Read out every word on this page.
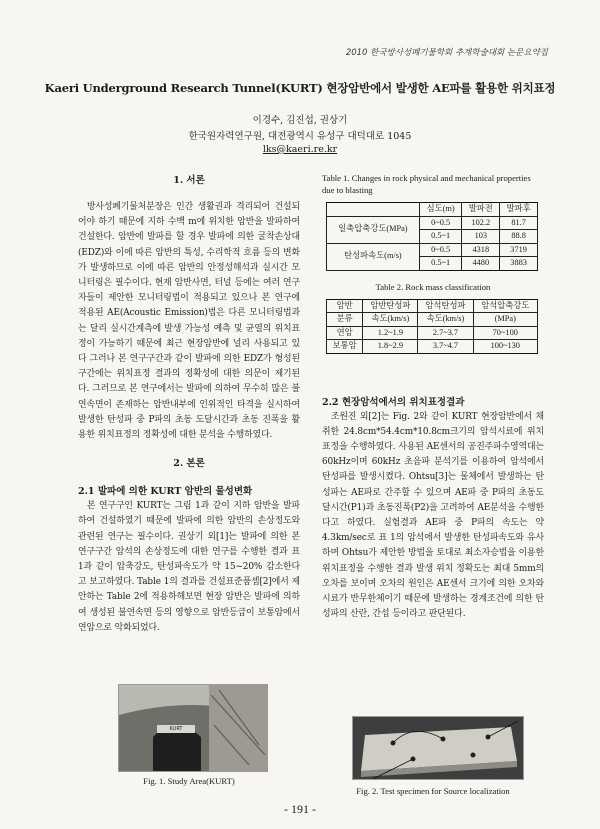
2010 한국방사성폐기물학회 추계학술대회 논문요약집
Kaeri Underground Research Tunnel(KURT) 현장암반에서 발생한 AE파를 활용한 위치표정
이경수, 김진섭, 권상기
한국원자력연구원, 대전광역시 유성구 대덕대로 1045
lks@kaeri.re.kr

1. 서론

방사성폐기물처분장은 인간 생활권과 격리되어 건설되어야 하기 때문에 지하 수백 m에 위치한 암반을 발파하여 건설한다. 암반에 발파를 할 경우 발파에 의한 굴착손상대(EDZ)와 이에 따른 암반의 특성, 수리학적 흐름 등의 변화가 발생하므로 이에 따른 암반의 안정성해석과 실시간 모니터링은 필수이다. 현재 암반사면, 터널 등에는 여러 연구자들이 제안한 모니터링법이 적용되고 있으나 본 연구에 적용된 AE(Acoustic Emission)법은 다른 모니터링법과는 달리 실시간계측에 발생 가능성 예측 및 균열의 위치표정이 가능하기 때문에 최근 현장암반에 널리 사용되고 있다 그러나 본 연구구간과 같이 발파에 의한 EDZ가 형성된 구간에는 위치표정 결과의 정확성에 대한 의문이 제기된다. 그러므로 본 연구에서는 발파에 의하여 무수히 많은 불연속면이 존재하는 암반내부에 인위적인 타격을 실시하여 발생한 탄성파 중 P파의 초동 도달시간과 초동 진폭을 활용한 위치표정의 정확성에 대한 분석을 수행하였다.

2. 본론

2.1 발파에 의한 KURT 암반의 물성변화

본 연구구인 KURT는 그림 1과 같이 지하 암반을 발파하여 건설하였기 때문에 발파에 의한 암반의 손상정도와 관련된 연구는 필수이다. 권상기 외[1]는 발파에 의한 본 연구구간 암석의 손상정도에 대한 연구를 수행한 결과 표 1과 같이 압축강도, 탄성파속도가 약 15~20% 감소한다고 보고하였다. Table 1의 결과를 건설표준품셈[2]에서 제안하는 Table 2에 적용하해보면 현장 암반은 발파에 의하여 생성된 불연속면 등의 영향으로 암반등급이 보통암에서 연암으로 악화되었다.

Table 1. Changes in rock physical and mechanical properties due to blasting

	심도(m)	발파전	발파후
일축압축강도(MPa)	0~0.5	102.2	81.7
	0.5~1	103	88.8
탄성파속도(m/s)	0~0.5	4318	3719
	0.5~1	4480	3883

Table 2. Rock mass classification

암반	암반탄성파	암석탄성파	암석압축강도
분류	속도(km/s)	속도(km/s)	(MPa)
연암	1.2~1.9	2.7~3.7	70~100
보통암	1.8~2.9	3.7~4.7	100~130

2.2 현장암석에서의 위치표정결과

조원진 외[2]는 Fig. 2와 같이 KURT 현장암반에서 채취한 24.8cm*54.4cm*10.8cm크기의 암석시료에 위치표정을 수행하였다. 사용된 AE센서의 공진주파수영역대는 60kHz이며 60kHz 초음파 분석기를 이용하여 암석에서 탄성파를 발생시켰다. Ohtsu[3]는 물체에서 발생하는 탄성파는 AE파로 간주할 수 있으며 AE파 중 P파의 초동도달시간(P1)과 초동진폭(P2)을 고려하여 AE분석을 수행한다고 하였다. 실험결과 AE파 중 P파의 속도는 약 4.3km/sec로 표 1의 암석에서 발생한 탄성파속도와 유사하며 Ohtsu가 제안한 방법을 토대로 최소자승법을 이용한 위치표정을 수행한 결과 발생 위치 정확도는 최대 5mm의 오차를 보이며 오차의 원인은 AE센서 크기에 의한 오차와 시료가 반무한체이기 때문에 발생하는 경계조건에 의한 탄성파의 산란, 간섭 등이라고 판단된다.

KURT

Fig. 1. Study Area(KURT)

Fig. 2. Test specimen for Source localization

- 191 -
